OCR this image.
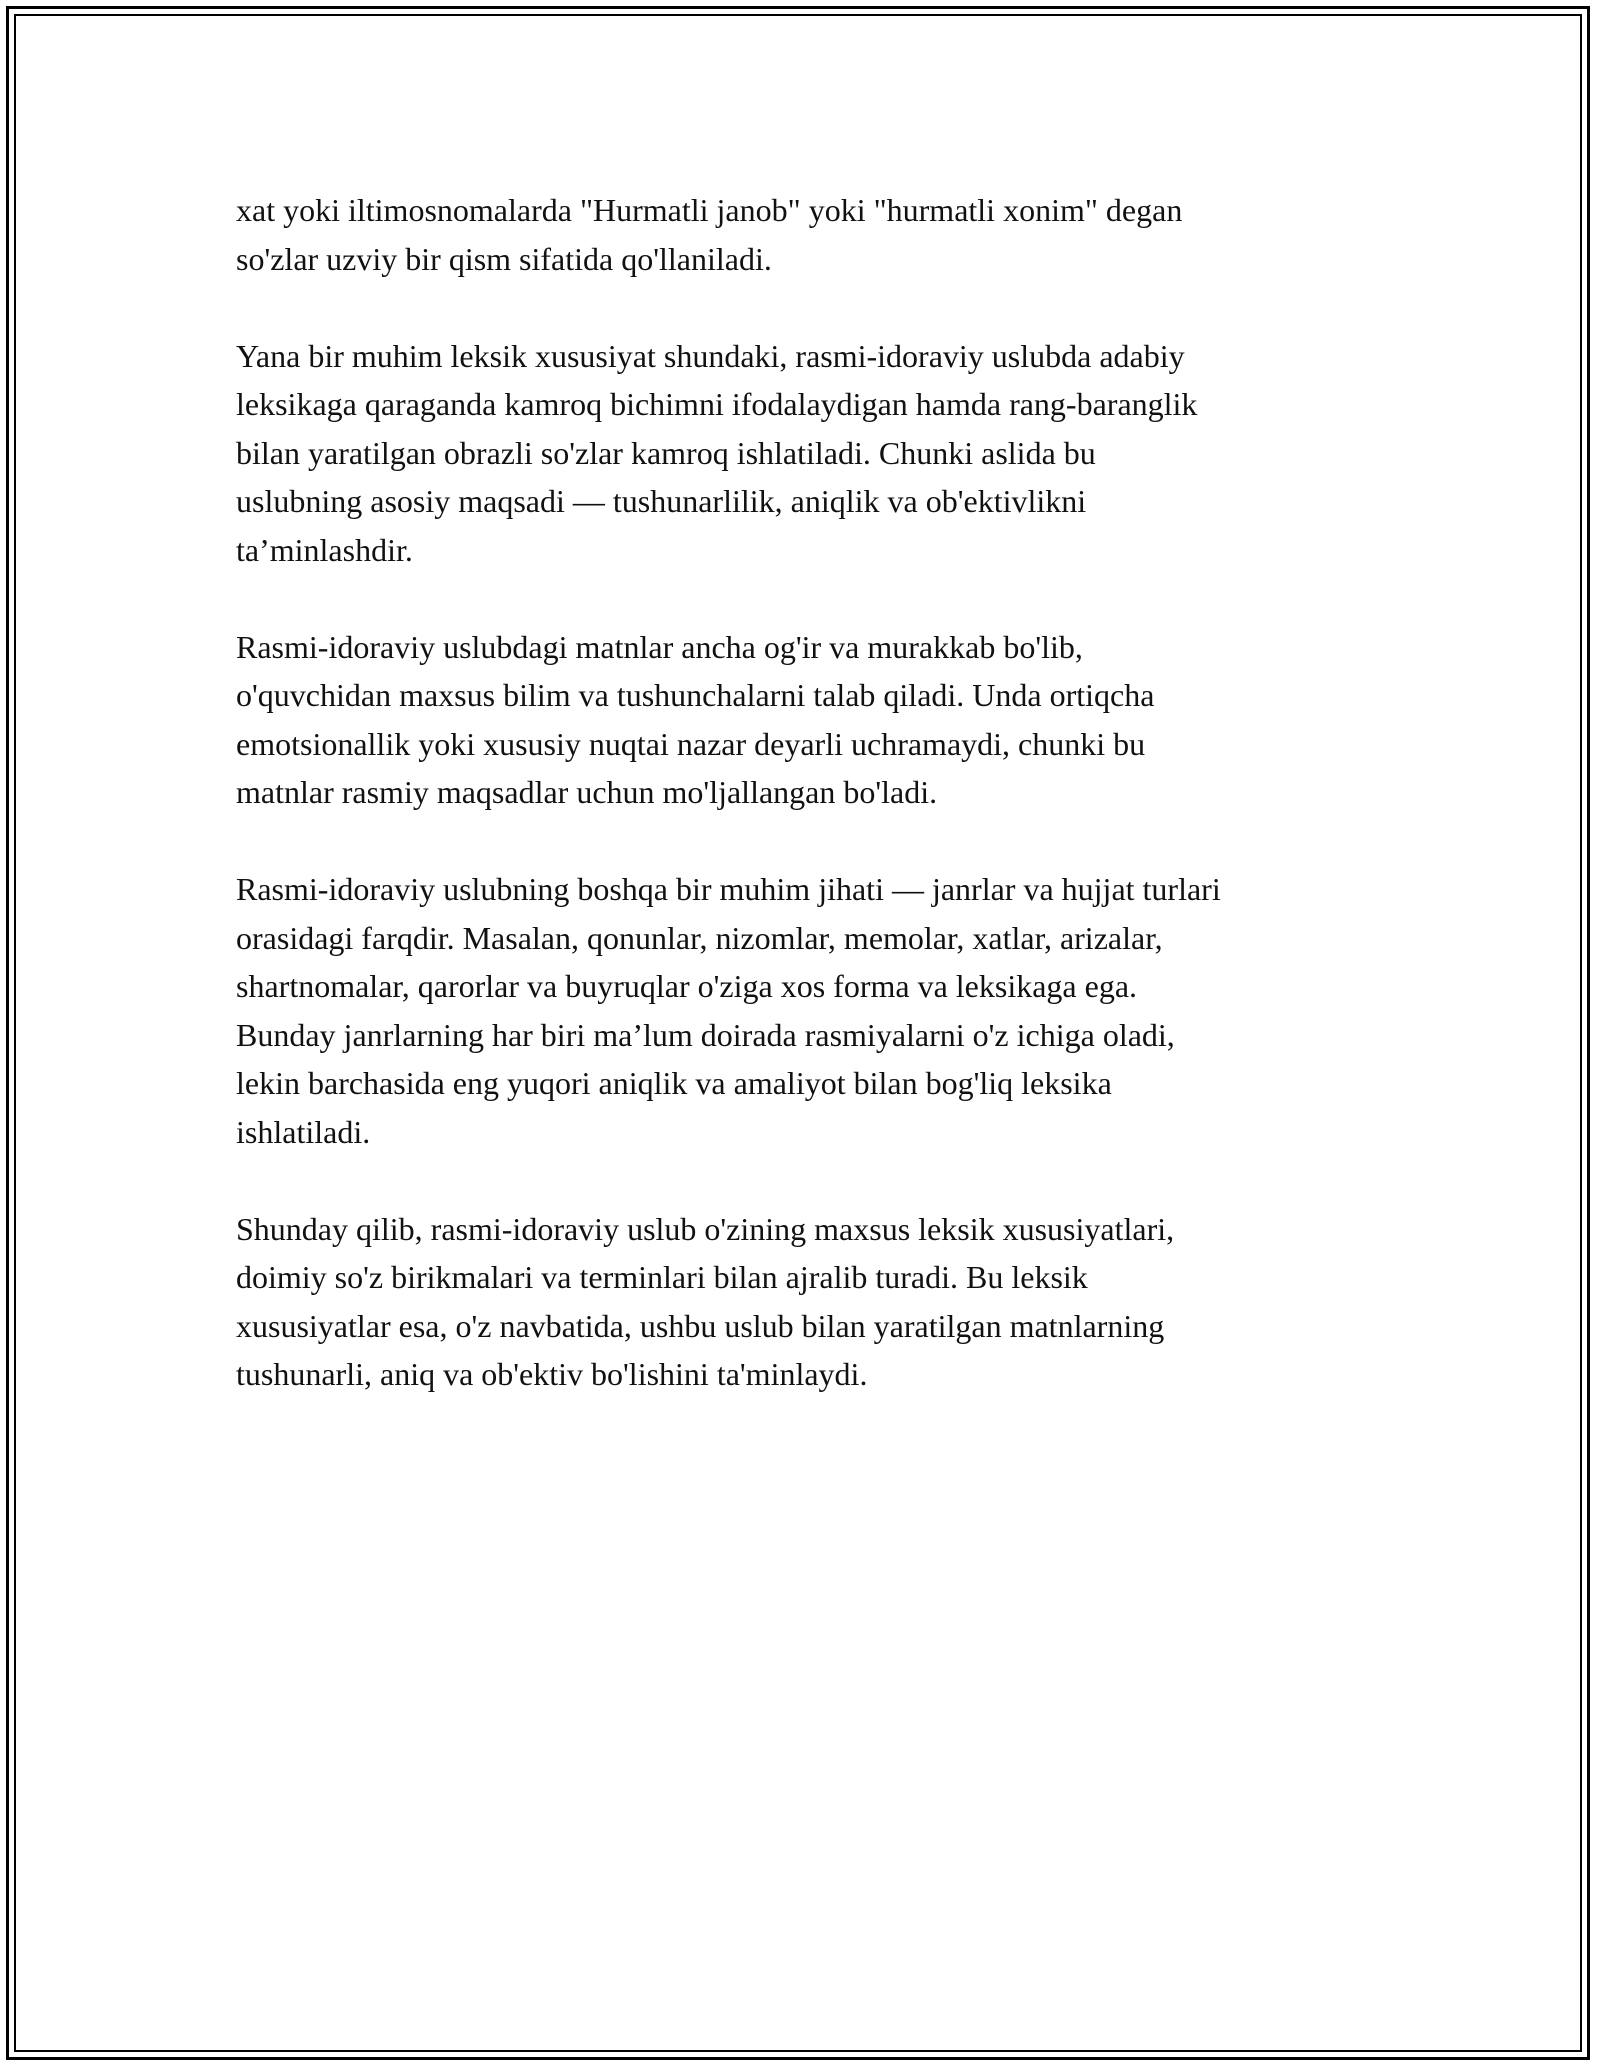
xat yoki iltimosnomalarda "Hurmatli janob" yoki "hurmatli xonim" degan
so'zlar uzviy bir qism sifatida qo'llaniladi.

Yana bir muhim leksik xususiyat shundaki, rasmi-idoraviy uslubda adabiy
leksikaga qaraganda kamroq bichimni ifodalaydigan hamda rang-baranglik
bilan yaratilgan obrazli so'zlar kamroq ishlatiladi. Chunki aslida bu
uslubning asosiy maqsadi — tushunarlilik, aniqlik va ob'ektivlikni
ta’minlashdir.

Rasmi-idoraviy uslubdagi matnlar ancha og'ir va murakkab bo'lib,
o'quvchidan maxsus bilim va tushunchalarni talab qiladi. Unda ortiqcha
emotsionallik yoki xususiy nuqtai nazar deyarli uchramaydi, chunki bu
matnlar rasmiy maqsadlar uchun mo'ljallangan bo'ladi.

Rasmi-idoraviy uslubning boshqa bir muhim jihati — janrlar va hujjat turlari
orasidagi farqdir. Masalan, qonunlar, nizomlar, memolar, xatlar, arizalar,
shartnomalar, qarorlar va buyruqlar o'ziga xos forma va leksikaga ega.
Bunday janrlarning har biri ma’lum doirada rasmiyalarni o'z ichiga oladi,
lekin barchasida eng yuqori aniqlik va amaliyot bilan bog'liq leksika
ishlatiladi.

Shunday qilib, rasmi-idoraviy uslub o'zining maxsus leksik xususiyatlari,
doimiy so'z birikmalari va terminlari bilan ajralib turadi. Bu leksik
xususiyatlar esa, o'z navbatida, ushbu uslub bilan yaratilgan matnlarning
tushunarli, aniq va ob'ektiv bo'lishini ta'minlaydi.
